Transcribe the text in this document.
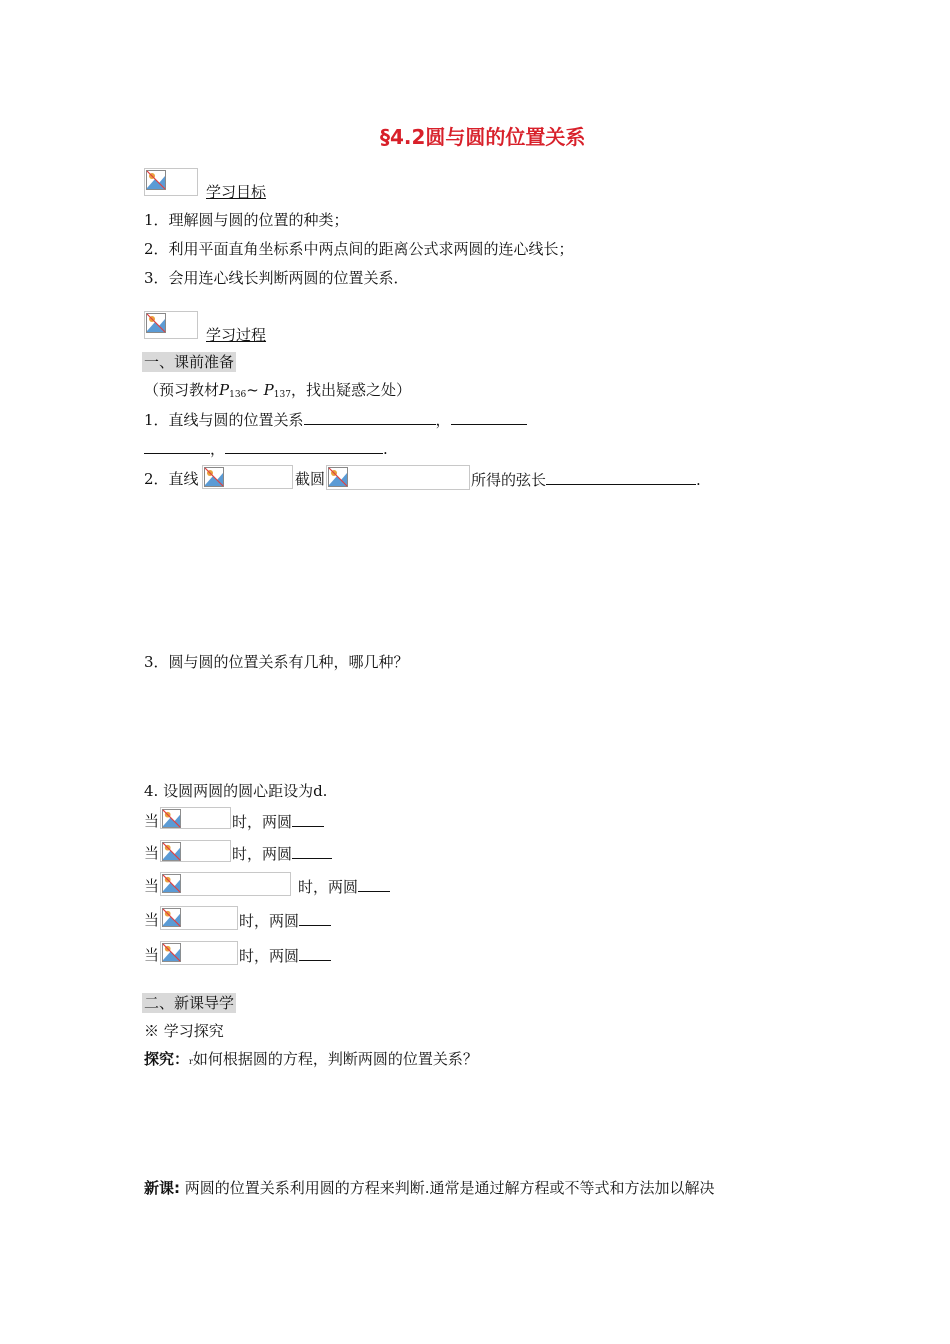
§4.2圆与圆的位置关系
学习目标
1．理解圆与圆的位置的种类；
2．利用平面直角坐标系中两点间的距离公式求两圆的连心线长；
3．会用连心线长判断两圆的位置关系．
学习过程
一、课前准备
（预习教材$P_{136}\sim$ $P_{137}$，找出疑惑之处）
1．直线与圆的位置关系	，
，	.
2．直线	截圆	所得的弦长	.
3．圆与圆的位置关系有几种，哪几种？
4. 设圆两圆的圆心距设为d.
当	时，两圆
当	时，两圆
当	时，两圆
当	时，两圆
当	时，两圆
二、新课导学
※ 学习探究
探究：r如何根据圆的方程，判断两圆的位置关系？
新课: 两圆的位置关系利用圆的方程来判断.通常是通过解方程或不等式和方法加以解决
